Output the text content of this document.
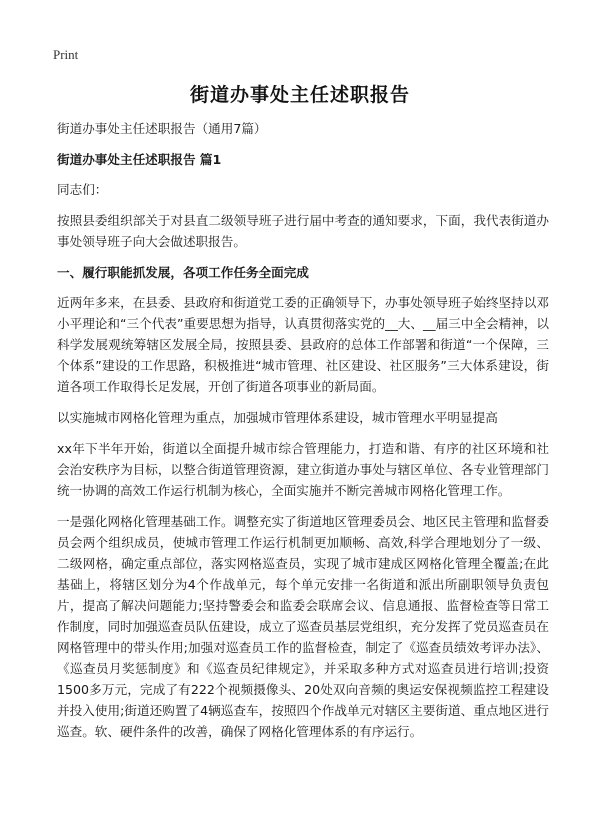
Print
街道办事处主任述职报告

街道办事处主任述职报告（通用7篇）

街道办事处主任述职报告 篇1

同志们：

按照县委组织部关于对县直二级领导班子进行届中考查的通知要求，下面，我代表街道办事处领导班子向大会做述职报告。

一、履行职能抓发展，各项工作任务全面完成

近两年多来，在县委、县政府和街道党工委的正确领导下，办事处领导班子始终坚持以邓小平理论和“三个代表”重要思想为指导，认真贯彻落实党的__大、__届三中全会精神，以科学发展观统筹辖区发展全局，按照县委、县政府的总体工作部署和街道“一个保障，三个体系”建设的工作思路，积极推进“城市管理、社区建设、社区服务”三大体系建设，街道各项工作取得长足发展，开创了街道各项事业的新局面。

以实施城市网格化管理为重点，加强城市管理体系建设，城市管理水平明显提高

xx年下半年开始，街道以全面提升城市综合管理能力，打造和谐、有序的社区环境和社会治安秩序为目标，以整合街道管理资源，建立街道办事处与辖区单位、各专业管理部门统一协调的高效工作运行机制为核心，全面实施并不断完善城市网格化管理工作。

一是强化网格化管理基础工作。调整充实了街道地区管理委员会、地区民主管理和监督委员会两个组织成员，使城市管理工作运行机制更加顺畅、高效,科学合理地划分了一级、二级网格，确定重点部位，落实网格巡查员，实现了城市建成区网格化管理全覆盖;在此基础上，将辖区划分为4个作战单元，每个单元安排一名街道和派出所副职领导负责包片，提高了解决问题能力;坚持警委会和监委会联席会议、信息通报、监督检查等日常工作制度，同时加强巡查员队伍建设，成立了巡查员基层党组织，充分发挥了党员巡查员在网格管理中的带头作用;加强对巡查员工作的监督检查，制定了《巡查员绩效考评办法》、《巡查员月奖惩制度》和《巡查员纪律规定》，并采取多种方式对巡查员进行培训;投资1500多万元，完成了有222个视频摄像头、20处双向音频的奥运安保视频监控工程建设并投入使用;街道还购置了4辆巡查车，按照四个作战单元对辖区主要街道、重点地区进行巡查。软、硬件条件的改善，确保了网格化管理体系的有序运行。
